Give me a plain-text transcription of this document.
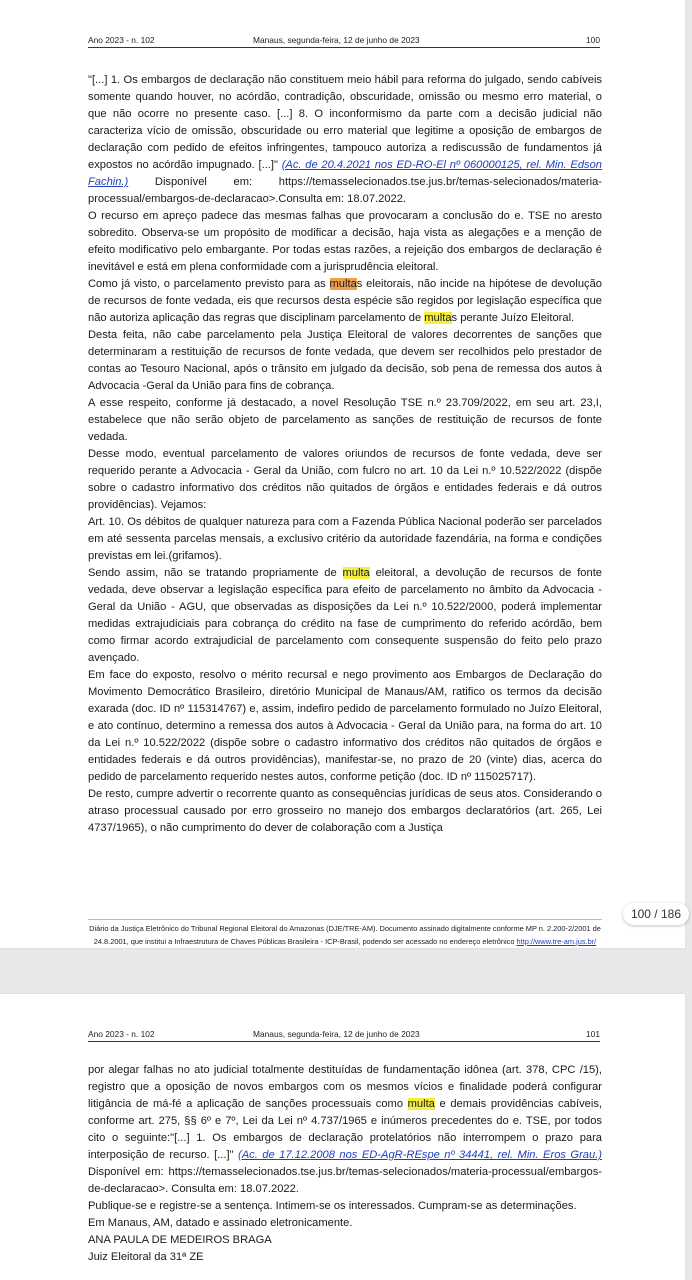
Ano 2023 - n. 102	Manaus, segunda-feira, 12 de junho de 2023	100

"[...] 1. Os embargos de declaração não constituem meio hábil para reforma do julgado, sendo cabíveis somente quando houver, no acórdão, contradição, obscuridade, omissão ou mesmo erro material, o que não ocorre no presente caso. [...] 8. O inconformismo da parte com a decisão judicial não caracteriza vício de omissão, obscuridade ou erro material que legitime a oposição de embargos de declaração com pedido de efeitos infringentes, tampouco autoriza a rediscussão de fundamentos já expostos no acórdão impugnado. [...]" (Ac. de 20.4.2021 nos ED-RO-El nº 060000125, rel. Min. Edson Fachin.) Disponível em: https://temasselecionados.tse.jus.br/temas-selecionados/materia-processual/embargos-de-declaracao>.Consulta em: 18.07.2022.

O recurso em apreço padece das mesmas falhas que provocaram a conclusão do e. TSE no aresto sobredito. Observa-se um propósito de modificar a decisão, haja vista as alegações e a menção de efeito modificativo pelo embargante. Por todas estas razões, a rejeição dos embargos de declaração é inevitável e está em plena conformidade com a jurisprudência eleitoral.

Como já visto, o parcelamento previsto para as multas eleitorais, não incide na hipótese de devolução de recursos de fonte vedada, eis que recursos desta espécie são regidos por legislação específica que não autoriza aplicação das regras que disciplinam parcelamento de multas perante Juízo Eleitoral.

Desta feita, não cabe parcelamento pela Justiça Eleitoral de valores decorrentes de sanções que determinaram a restituição de recursos de fonte vedada, que devem ser recolhidos pelo prestador de contas ao Tesouro Nacional, após o trânsito em julgado da decisão, sob pena de remessa dos autos à Advocacia -Geral da União para fins de cobrança.

A esse respeito, conforme já destacado, a novel Resolução TSE n.º 23.709/2022, em seu art. 23,I, estabelece que não serão objeto de parcelamento as sanções de restituição de recursos de fonte vedada.

Desse modo, eventual parcelamento de valores oriundos de recursos de fonte vedada, deve ser requerido perante a Advocacia - Geral da União, com fulcro no art. 10 da Lei n.º 10.522/2022 (dispõe sobre o cadastro informativo dos créditos não quitados de órgãos e entidades federais e dá outros providências). Vejamos:

Art. 10. Os débitos de qualquer natureza para com a Fazenda Pública Nacional poderão ser parcelados em até sessenta parcelas mensais, a exclusivo critério da autoridade fazendária, na forma e condições previstas em lei.(grifamos).

Sendo assim, não se tratando propriamente de multa eleitoral, a devolução de recursos de fonte vedada, deve observar a legislação específica para efeito de parcelamento no âmbito da Advocacia - Geral da União - AGU, que observadas as disposições da Lei n.º 10.522/2000, poderá implementar medidas extrajudiciais para cobrança do crédito na fase de cumprimento do referido acórdão, bem como firmar acordo extrajudicial de parcelamento com consequente suspensão do feito pelo prazo avençado.

Em face do exposto, resolvo o mérito recursal e nego provimento aos Embargos de Declaração do Movimento Democrático Brasileiro, diretório Municipal de Manaus/AM, ratifico os termos da decisão exarada (doc. ID nº 115314767) e, assim, indefiro pedido de parcelamento formulado no Juízo Eleitoral, e ato contínuo, determino a remessa dos autos à Advocacia - Geral da União para, na forma do art. 10 da Lei n.º 10.522/2022 (dispõe sobre o cadastro informativo dos créditos não quitados de órgãos e entidades federais e dá outros providências), manifestar-se, no prazo de 20 (vinte) dias, acerca do pedido de parcelamento requerido nestes autos, conforme petição (doc. ID nº 115025717).

De resto, cumpre advertir o recorrente quanto as consequências jurídicas de seus atos. Considerando o atraso processual causado por erro grosseiro no manejo dos embargos declaratórios (art. 265, Lei 4737/1965), o não cumprimento do dever de colaboração com a Justiça

Diário da Justiça Eletrônico do Tribunal Regional Eleitoral do Amazonas (DJE/TRE-AM). Documento assinado digitalmente conforme MP n. 2.200-2/2001 de 24.8.2001, que institui a Infraestrutura de Chaves Públicas Brasileira - ICP-Brasil, podendo ser acessado no endereço eletrônico http://www.tre-am.jus.br/
100 / 186
Ano 2023 - n. 102	Manaus, segunda-feira, 12 de junho de 2023	101

por alegar falhas no ato judicial totalmente destituídas de fundamentação idônea (art. 378, CPC /15), registro que a oposição de novos embargos com os mesmos vícios e finalidade poderá configurar litigância de má-fé a aplicação de sanções processuais como multa e demais providências cabíveis, conforme art. 275, §§ 6º e 7º, Lei da Lei nº 4.737/1965 e inúmeros precedentes do e. TSE, por todos cito o seguinte:"[...] 1. Os embargos de declaração protelatórios não interrompem o prazo para interposição de recurso. [...]" (Ac. de 17.12.2008 nos ED-AgR-REspe nº 34441, rel. Min. Eros Grau.) Disponível em: https://temasselecionados.tse.jus.br/temas-selecionados/materia-processual/embargos-de-declaracao>. Consulta em: 18.07.2022.

Publique-se e registre-se a sentença. Intimem-se os interessados. Cumpram-se as determinações.

Em Manaus, AM, datado e assinado eletronicamente.

ANA PAULA DE MEDEIROS BRAGA

Juiz Eleitoral da 31ª ZE
